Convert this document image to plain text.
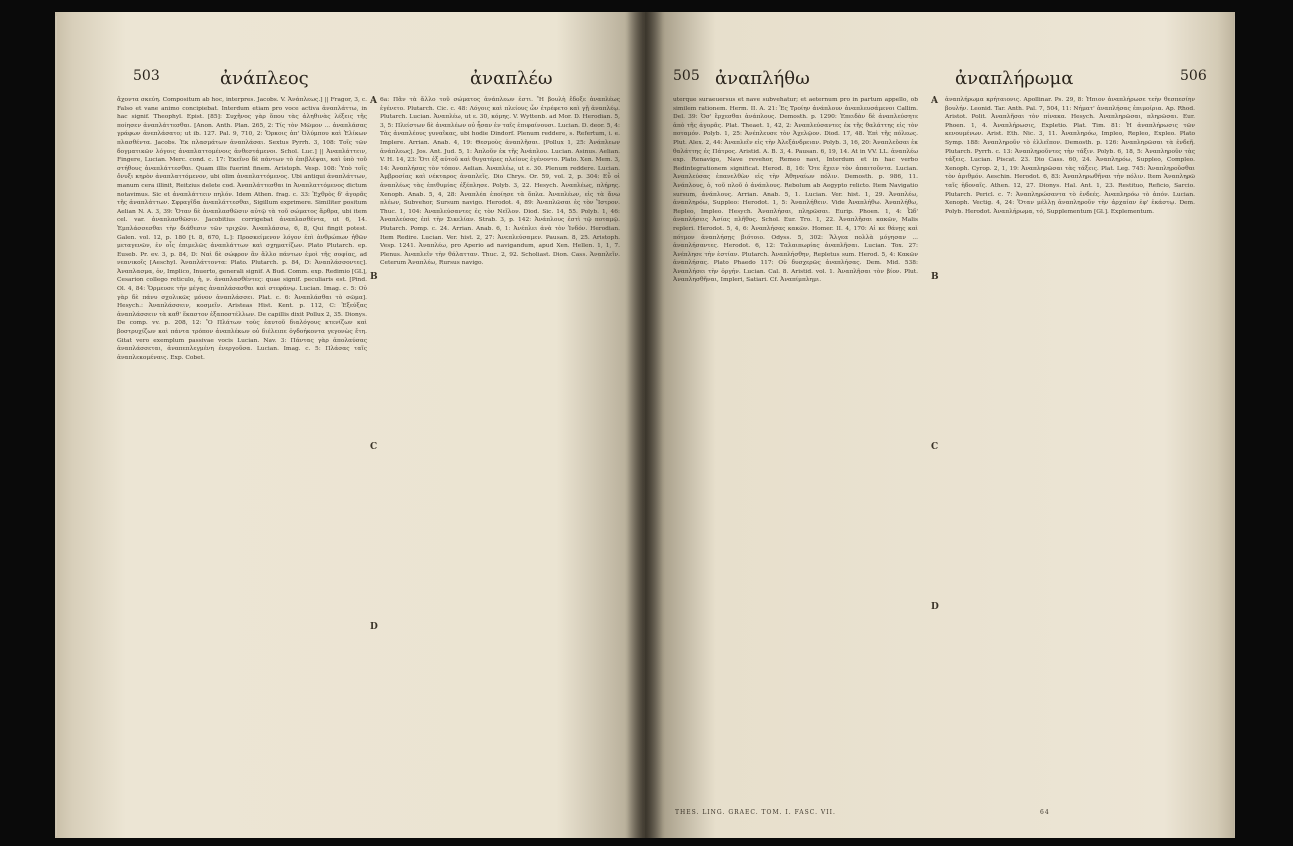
503	ἀνάπλεος	ἀναπλέω
ἄχοντα σκεύη. Compositum ab hoc, interpres. Jacobs. V. Ἀνάπλεως.] || Fragor, 3, c. Falso et vane animo concipiebat. Interdum etiam pro voce activa ἀναπλάττω, in hac signif. Theophyl. Epist. [85]: Συχῆνος γὰρ ὅπου τὰς ἀληθινὰς λέξεις τῆς ποίησεν ἀναπλάττεσθαι. [Anon. Anth. Plan. 265, 2: Τίς τὸν Μῶμον ... ἀναπλάσας γράφων ἀνεπλάσατο; ut ib. 127. Pal. 9, 710, 2: Ὅρκοις ἀπ' Ὀλύμπου καὶ Ἑλίκων πλασθέντα. Jacobs. Ἐκ πλασμάτων ἀναπλάσαι. Sextus Pyrrh. 3, 108: Τοῖς τῶν δογματικῶν λόγοις ἀναπλαττομένοις ἀνθεστάμενοι. Schol. Luc.] || Ἀναπλάττειν, Fingere, Lucian. Merc. cond. c. 17: Ἐκεῖνο δὲ πάντων τὸ ἐπιβλέψαι, καὶ ὑπὸ τοῦ στήθους ἀναπλάττεσθαι. Quam illis fuerint finem. Aristoph. Vesp. 108: Ὑπὸ τοῖς ὄνυξι κηρὸν ἀναπλαττόμενον, ubi olim ἀναπλαττόμενος. Ubi antiqui ἀναπλάττων, manum cera illinit, Reitzius delete cod. Ἀναπλάττεσθαι in Ἀναπλαττόμενος dictum notavimus. Sic et ἀναπλάττειν πηλόν. Idem Athen. frag. c. 33: Ἐχθρὸς δ' ἀγορᾶς τῆς ἀναπλάττων. Σφραγῖδα ἀναπλάττεσθαι, Sigillum exprimere. Similiter positum Aelian N. A. 3, 39: Ὅταν δὲ ἀναπλασθῶσιν αὐτῷ τὰ τοῦ σώματος ἄρθρα, ubi item cel. var. ἀναπλασθῶσιν. Jacobitius corrigebat ἀναπλασθέντα, ut 6, 14. Ἐμπλάσσεσθαι τὴν διάθεσιν τῶν τριχῶν. Ἀναπλάσσω, 6, 8, Qui fingit potest. Galen. vol. 12, p. 180 [t. 8, 670, L.]: Προσκείμενον λόγον ἐπὶ ἀνθρώπων ἠθῶν μεταγενῶν, ἐν οἷς ἐπιμελῶς ἀναπλάττων καὶ σχηματίζων. Plato Plutarch. ep. Euseb. Pr. ev. 3, p. 84, D: Ναὶ δὲ σώφρον ἂν ἄλλο πάντων ἐμοὶ τῆς σοφίας, ad νεανικοῖς [Aeschyl. Ἀναπλάττοντα: Plato. Plutarch. p. 84, D: Ἀναπλάσσοντες]. Ἀναπλασμα, ὀν, Implico, Inuerto, generali signif. A Bud. Comm. exp. Redimio [GL], Cesarion collego reticulo, ἡ, ν. ἀναπλασθέντες: quae signif. peculiaris est. [Pind. Ol. 4, 84: Ὄρμευσε τὴν μέγας ἀναπλάσασθαι καὶ στεφάνῳ. Lucian. Imag. c. 5: Οὐ γὰρ δὲ πάνυ σχολικῶς μόνον ἀναπλάσσει. Plat. c. 6: Ἀναπλάσθαι τὸ σῶμα]. Hesych.: Ἀναπλάσσειν, κοσμεῖν. Aristeas Hist. Kent. p. 112, C: Ἐξεύξας ἀναπλάσσειν τὰ καθ' ἕκαστον ἐξαποστέλλων. De capillis dixit Pollux 2, 35. Dionys. De comp. vv. p. 208, 12: Ὃ Πλάτων τοὺς ἑαυτοῦ διαλόγους κτενίζων καὶ βοστρυχίζων καὶ πάντα τρόπον ἀναπλέκων οὐ διέλειπε ὀγδοήκοντα γεγονὼς ἔτη. Gitat vero exemplum passivae vocis Lucian. Nav. 3: Πάντας γὰρ ἀπολαύσας ἀναπλάσσεται, ἀναπεπλεγμένη ἐνεργοῦσα. Lucian. Imag. c. 5: Πλάσας ταῖς ἀναπλεκομέναις. Exp. Cobet.
6a: Πᾶν τὰ ἄλλο τοῦ σώματος ἀνάπλεων ἐστι. Ἢ βουλὴ ἔδοξε ἀναπλέως ἐγένετο. Plutarch. Cic. c. 48: Λόγοις καὶ πλείους ὧν ἐτρέφετο καὶ γῇ ἀναπλέῳ. Plutarch. Lucian. Ἀναπλέω, ut ε. 30, κόμης. V. Wyttenb. ad Mor. D. Herodian. 5, 3, 5: Πλείστων δὲ ἀναπλέων οὐ ἦσαν ἐν ταῖς ἐπιφαίνουσι. Lucian. D. deor. 5, 4: Τὰς ἀναπλέους γυναῖκας, ubi hodie Dindorf. Plenum reddere, s. Refertum, i. e. Implere. Arrian. Anab. 4, 19: Θεσμοὺς ἀναπλῆσαι. [Pollux 1, 25: Ἀνάπλεων ἀνάπλεως]. Jos. Ant. Jud. 5, 1: Ἀπλοῦν ἐκ τῆς Ἀνάπλου. Lucian. Asinus. Aelian. V. H. 14, 23: Ὅτι ἐξ αὐτοῦ καὶ θυγατέρες πλείους ἐγένοντο. Plato. Xen. Mem. 3, 14: Ἀναπλήσας τὸν τόπον. Aelian. Ἀναπλέω, ut ε. 30. Plenum reddere. Lucian. Ἀμβροσίας καὶ νέκταρος ἀναπλεῖς. Dio Chrys. Or. 59, vol. 2, p. 304: Εὖ οἱ ἀναπλέως τὰς ἐπιθυμίας ἐξέπλησε. Polyb. 3, 22. Hesych. Ἀναπλέως, πλήρης. Xenoph. Anab. 5, 4, 28: Ἀναπλέα ἐποίησε τὰ ὅπλα. Ἀναπλέων, εἰς τὰ ἄνω πλέων, Subvehor, Sursum navigo. Herodot. 4, 89: Ἀναπλῶσαι ἐς τὸν Ἴστρον. Thuc. 1, 104: Ἀναπλεύσαντες ἐς τὸν Νεῖλον. Diod. Sic. 14, 55. Polyb. 1, 46: Ἀναπλεύσας ἐπὶ τὴν Σικελίαν. Strab. 3, p. 142: Ἀνάπλους ἐστὶ τῷ ποταμῷ. Plutarch. Pomp. c. 24. Arrian. Anab. 6, 1: Ἀνέπλει ἀνὰ τὸν Ἰνδόν. Herodian. Item Redire. Lucian. Ver. hist. 2, 27: Ἀνεπλεύσαμεν. Pausan. 8, 25. Aristoph. Vesp. 1241. Ἀναπλέω, pro Aperio ad navigandum, apud Xen. Hellen. 1, 1, 7. Plenus. Ἀναπλεῖν τὴν θάλατταν. Thuc. 2, 92. Scholiast. Dion. Cass. Ἀναπλεῖν. Ceterum Ἀναπλέω, Rursus navigo.
A
B
C
D
505 ἀναπλήθω	ἀναπλήρωμα	506
uterque suraeuersus et nave subvehatur; et aeternum pro in partum appello, ob similem rationem. Herm. II. A. 21: Ἐς Τροίην ἀνάπλουν ἀναπλευσάμενοι Callim. Del. 39: Ὁσ' ἔρχεσθαι ἀνάπλους. Demosth. p. 1290: Ἐπειδὰν δὲ ἀναπλεύσητε ἀπὸ τῆς ἀγορᾶς. Plat. Theaet. 1, 42, 2: Ἀναπλεύσαντες ἐκ τῆς θαλάττης εἰς τὸν ποταμόν. Polyb. 1, 25: Ἀνέπλευσε τὸν Ἀχελῷον. Diod. 17, 48. Ἐπὶ τῆς πόλεως. Plut. Alex. 2, 44: Ἀναπλεῖν εἰς τὴν Ἀλεξάνδρειαν. Polyb. 3, 16, 20: Ἀναπλεῦσαι ἐκ θαλάττης ἐς Πάτρος. Aristid. A. B. 3, 4. Pausan. 6, 19, 14. At in VV. LL. ἀναπλέω exp. Renavigo, Nave revehor, Remeo navi, Interdum et in hac verbo Redintegrationem significat. Herod. 8, 16: Ὅτε ἔχειν τὸν ἀπαιτοῦντα. Lucian. Ἀναπλεύσας ἐπανελθὼν εἰς τὴν Ἀθηναίων πόλιν. Demosth. p. 986, 11. Ἀνάπλους, ὁ, τοῦ πλοῦ ὁ ἀνάπλους. Rebolum ab Aegypto relicto. Item Navigatio sursum, ἀνάπλους. Arrian. Anab. 5, 1. Lucian. Ver. hist. 1, 29. Ἀναπλέω, ἀναπληρόω, Suppleo: Herodot. 1, 5: Ἀναπλήθειν. Vide Ἀναπλήθω. Ἀναπλήθω, Repleo, Impleo. Hesych. Ἀναπλήσαι, πληρῶσαι. Eurip. Phoen. 1, 4: Ὧδ' ἀναπλήσεις Ἀσίας πλῆθος. Schol. Eur. Tro. 1, 22. Ἀναπλῆσαι κακῶν, Malis repleri. Herodot. 5, 4, 6: Ἀναπλήσας κακῶν. Homer. II. 4, 170: Αἰ κε θάνῃς καὶ πότμον ἀναπλήσῃς βιότοιο. Odyss. 5, 302: Ἄλγεα πολλὰ μόγησαν ... ἀναπλήσαντες. Herodot. 6, 12: Ταλαιπωρίας ἀναπλῆσαι. Lucian. Tox. 27: Ἀνέπλησε τὴν ἑστίαν. Plutarch. Ἀναπλήσθην, Repletus sum. Herod. 5, 4: Κακῶν ἀναπλήσας. Plato Phaedo 117: Οὐ δυσχερῶς ἀναπλήσας. Dem. Mid. 538: Ἀναπλήσει τὴν ὀργήν. Lucian. Cal. 8. Aristid. vol. 1. Ἀναπλῆσαι τὸν βίον. Plut. Ἀναπλησθῆναι, Impleri, Satiari. Cf. Ἀναπίμπλημι.
ἀναπλήρωμα κρήταιονις. Apollinar. Ps. 29, 8: Ἠπιον ἀναπλήρωσε τεὴν θεσπεσίην βουλήν. Leonid. Tar. Anth. Pal. 7, 504, 11: Νήματ' ἀναπλήσας ἐπιμοίρια. Ap. Rhod. Aristot. Polit. Ἀναπλῆσαι τὸν πίνακα. Hesych. Ἀναπληρῶσαι, πληρῶσαι. Eur. Phoen. 1, 4. Ἀναπλήρωσις, Expletio. Plat. Tim. 81: Ἡ ἀναπλήρωσις τῶν κενουμένων. Arist. Eth. Nic. 3, 11. Ἀναπληρόω, Impleo, Repleo, Expleo. Plato Symp. 188: Ἀναπληροῦν τὸ ἐλλεῖπον. Demosth. p. 126: Ἀναπληρῶσαι τὰ ἐνδεῆ. Plutarch. Pyrrh. c. 13: Ἀναπληροῦντες τὴν τάξιν. Polyb. 6, 18, 5: Ἀναπληροῦν τὰς τάξεις. Lucian. Piscat. 23. Dio Cass. 60, 24. Ἀναπληρόω, Suppleo, Compleo. Xenoph. Cyrop. 2, 1, 19: Ἀναπληρῶσαι τὰς τάξεις. Plat. Leg. 745: Ἀναπληροῦσθαι τὸν ἀριθμόν. Aeschin. Herodot. 6, 83: Ἀναπληρωθῆναι τὴν πόλιν. Item Ἀναπληρῶ ταῖς ἡδοναῖς. Athen. 12, 27. Dionys. Hal. Ant. 1, 23. Restituo, Reficio, Sarcio. Plutarch. Pericl. c. 7: Ἀναπληρώσαντα τὸ ἐνδεές. Ἀναπληρόω τὸ ἀπόν. Lucian. Xenoph. Vectig. 4, 24: Ὅταν μέλλῃ ἀναπληροῦν τὴν ἀρχαίαν ἐφ' ἑκάστῳ. Dem. Polyb. Herodot. Ἀναπλήρωμα, τό, Supplementum [Gl.]. Explementum.
A
B
C
D
THES. LING. GRAEC. TOM. I. FASC. VII.	64
